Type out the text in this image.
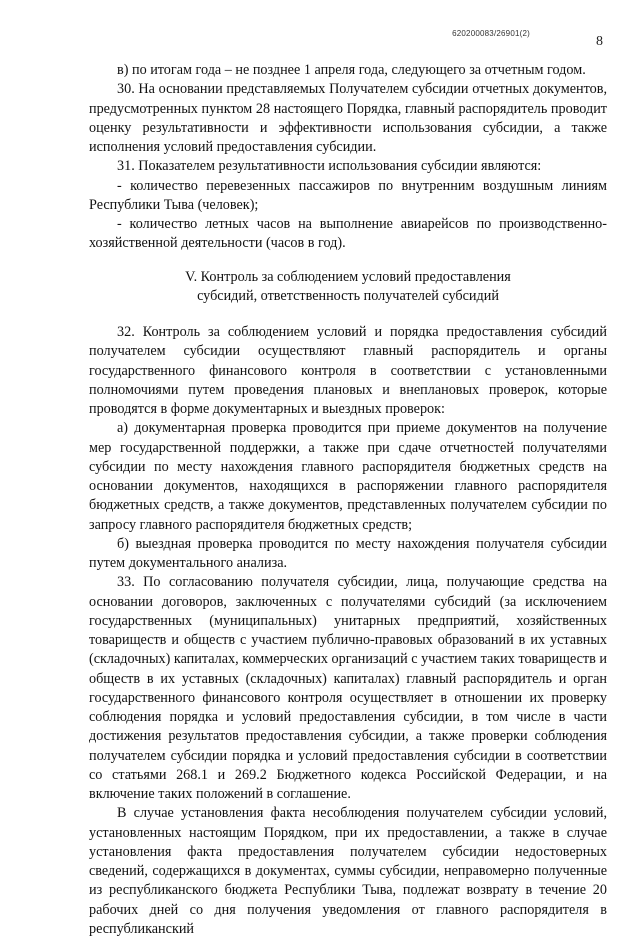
620200083/26901(2)
8

в) по итогам года – не позднее 1 апреля года, следующего за отчетным годом.

30. На основании представляемых Получателем субсидии отчетных документов, предусмотренных пунктом 28 настоящего Порядка, главный распорядитель проводит оценку результативности и эффективности использования субсидии, а также исполнения условий предоставления субсидии.

31. Показателем результативности использования субсидии являются:

- количество перевезенных пассажиров по внутренним воздушным линиям Республики Тыва (человек);

- количество летных часов на выполнение авиарейсов по производственно-хозяйственной деятельности (часов в год).

V. Контроль за соблюдением условий предоставления
субсидий, ответственность получателей субсидий

32. Контроль за соблюдением условий и порядка предоставления субсидий получателем субсидии осуществляют главный распорядитель и органы государственного финансового контроля в соответствии с установленными полномочиями путем проведения плановых и внеплановых проверок, которые проводятся в форме документарных и выездных проверок:

а) документарная проверка проводится при приеме документов на получение мер государственной поддержки, а также при сдаче отчетностей получателями субсидии по месту нахождения главного распорядителя бюджетных средств на основании документов, находящихся в распоряжении главного распорядителя бюджетных средств, а также документов, представленных получателем субсидии по запросу главного распорядителя бюджетных средств;

б) выездная проверка проводится по месту нахождения получателя субсидии путем документального анализа.

33. По согласованию получателя субсидии, лица, получающие средства на основании договоров, заключенных с получателями субсидий (за исключением государственных (муниципальных) унитарных предприятий, хозяйственных товариществ и обществ с участием публично-правовых образований в их уставных (складочных) капиталах, коммерческих организаций с участием таких товариществ и обществ в их уставных (складочных) капиталах) главный распорядитель и орган государственного финансового контроля осуществляет в отношении их проверку соблюдения порядка и условий предоставления субсидии, в том числе в части достижения результатов предоставления субсидии, а также проверки соблюдения получателем субсидии порядка и условий предоставления субсидии в соответствии со статьями 268.1 и 269.2 Бюджетного кодекса Российской Федерации, и на включение таких положений в соглашение.

В случае установления факта несоблюдения получателем субсидии условий, установленных настоящим Порядком, при их предоставлении, а также в случае установления факта предоставления получателем субсидии недостоверных сведений, содержащихся в документах, суммы субсидии, неправомерно полученные из республиканского бюджета Республики Тыва, подлежат возврату в течение 20 рабочих дней со дня получения уведомления от главного распорядителя в республиканский
